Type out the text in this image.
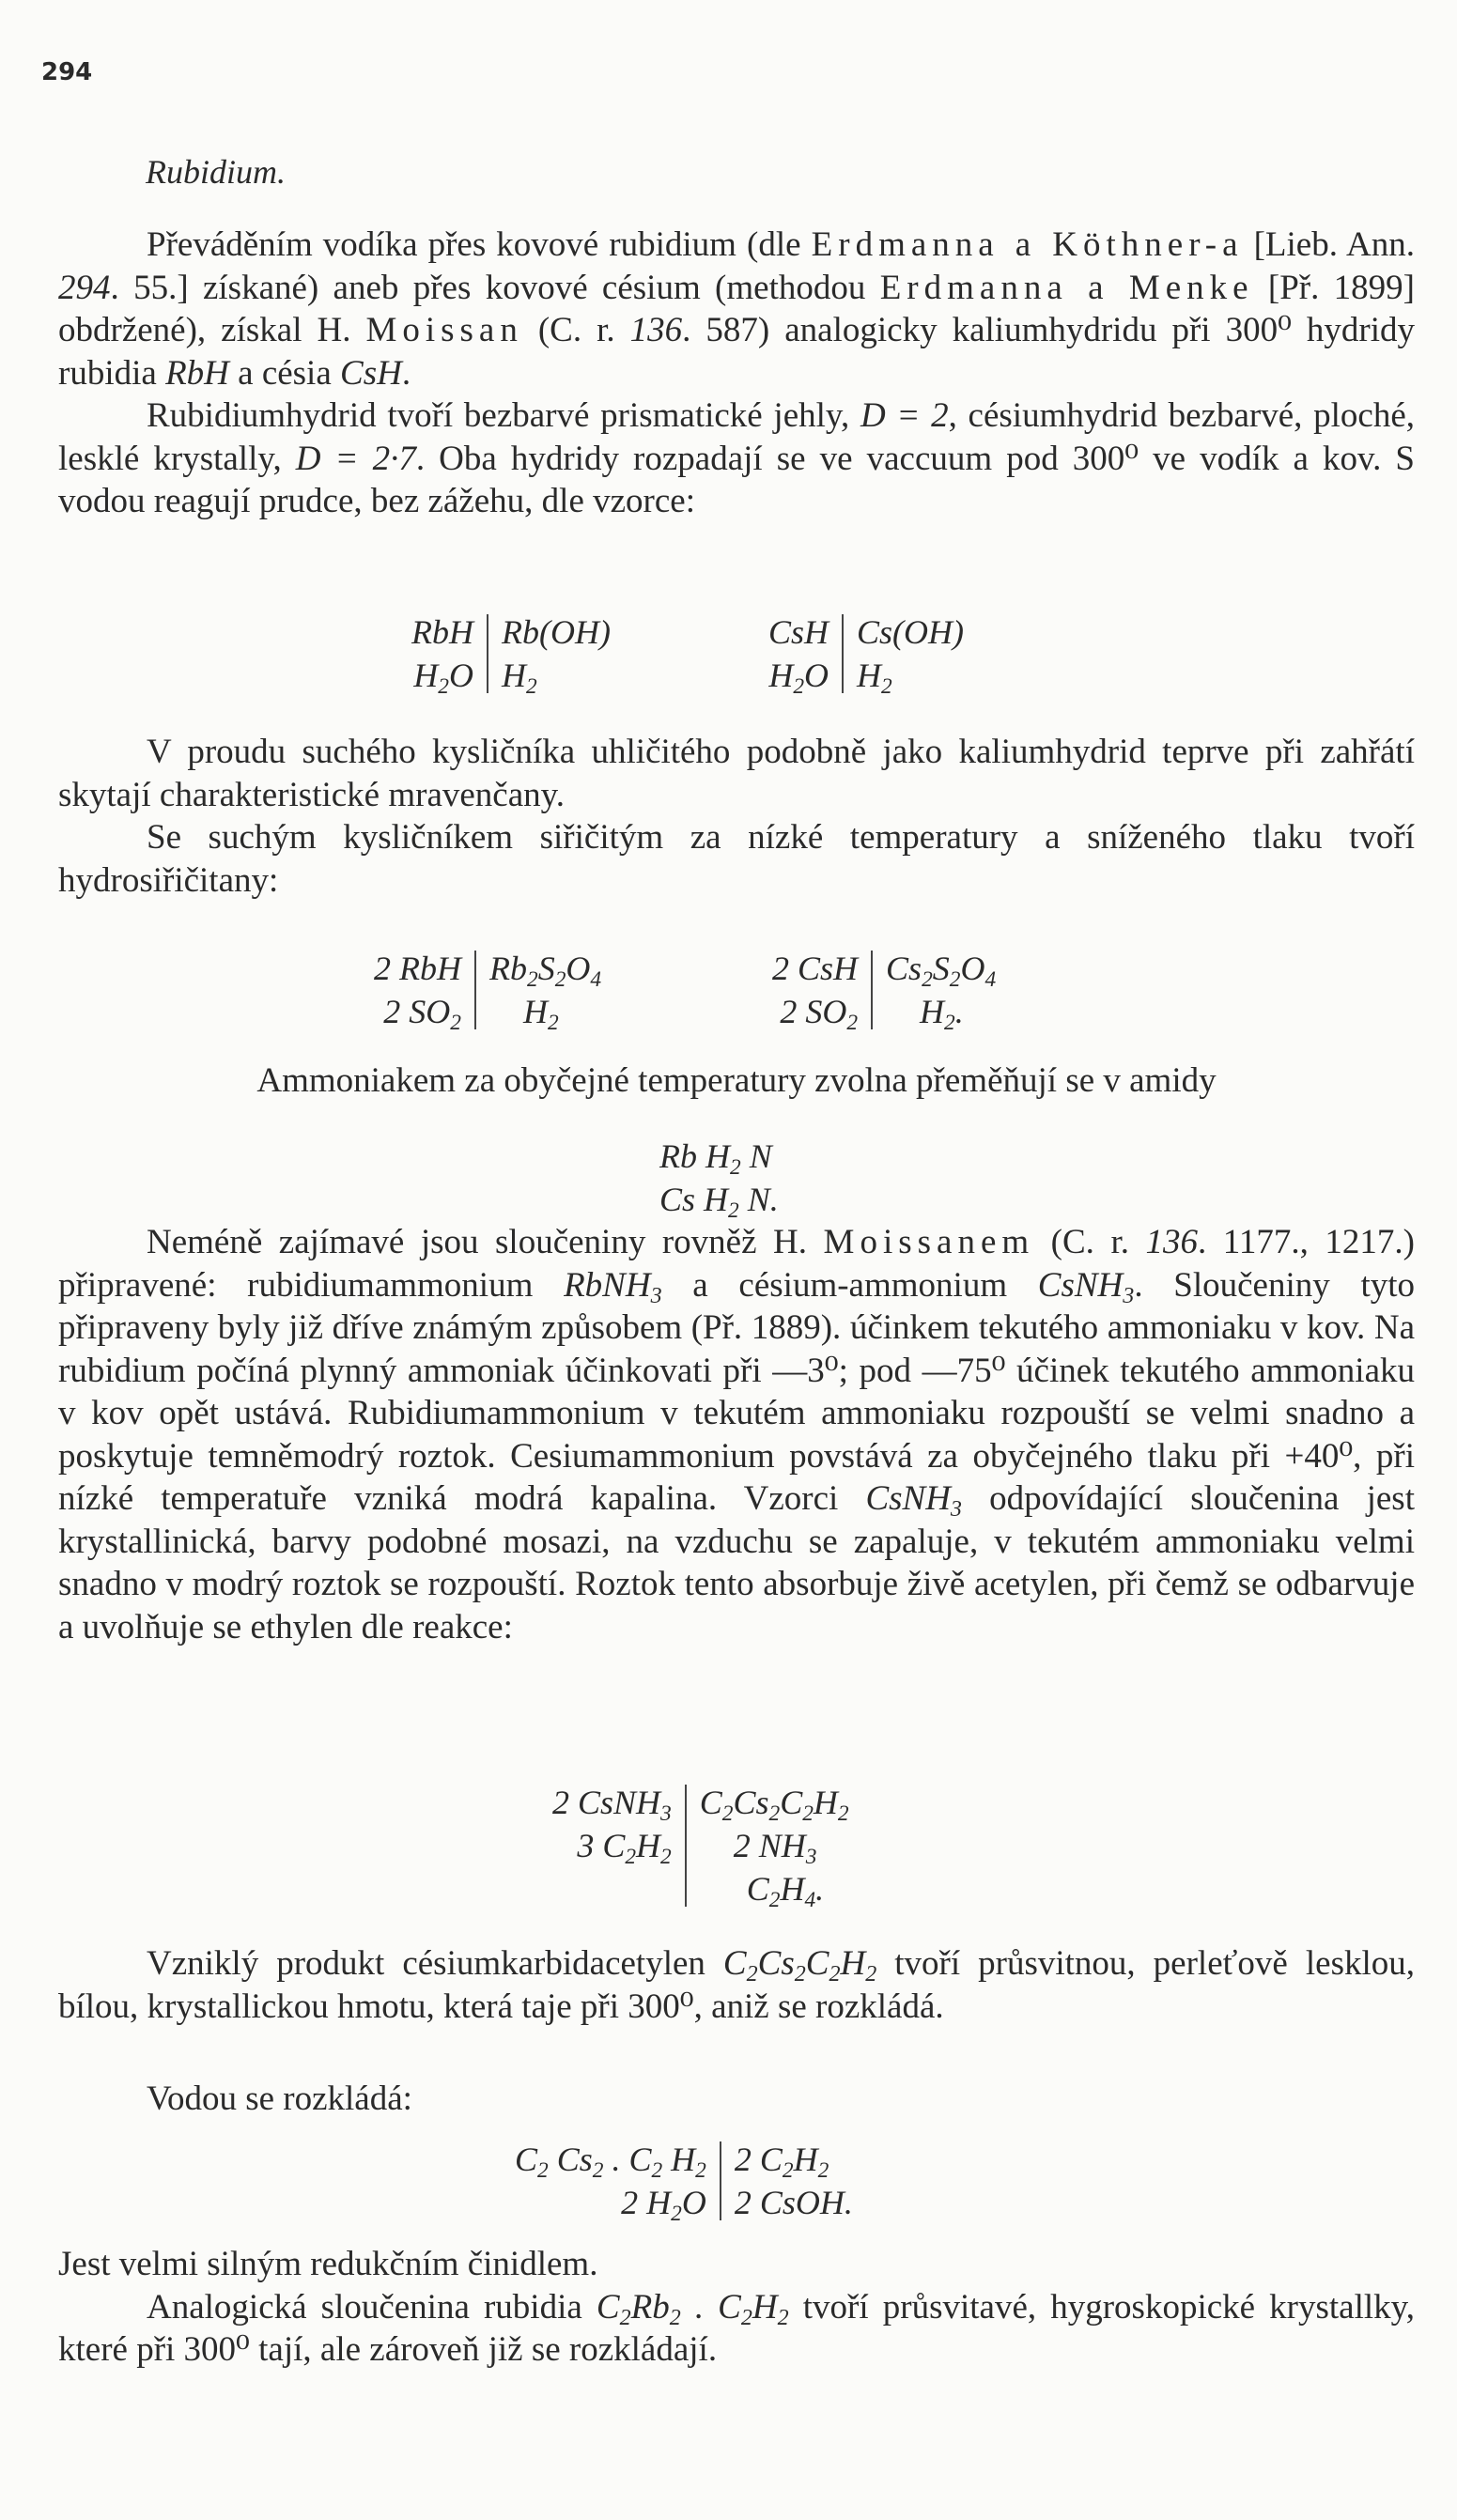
294
Rubidium.

Převáděním vodíka přes kovové rubidium (dle Erdmanna a Köthner-a [Lieb. Ann. 294. 55.] získané) aneb přes kovové césium (methodou Erdmanna a Menke [Př. 1899] obdržené), získal H. Moissan (C. r. 136. 587) analogicky kaliumhydridu při 300⁰ hydridy rubidia RbH a césia CsH.

Rubidiumhydrid tvoří bezbarvé prismatické jehly, D = 2, césiumhydrid bezbarvé, ploché, lesklé krystally, D = 2·7. Oba hydridy rozpadají se ve vaccuum pod 300⁰ ve vodík a kov. S vodou reagují prudce, bez zážehu, dle vzorce:

RbH
$H_2O$
Rb(OH)
$H_2$
CsH
$H_2O$
Cs(OH)
$H_2$

V proudu suchého kysličníka uhličitého podobně jako kaliumhydrid teprve při zahřátí skytají charakteristické mravenčany.

Se suchým kysličníkem siřičitým za nízké temperatury a sníženého tlaku tvoří hydrosiřičitany:

2 RbH
2 $SO_2$
$Rb_2S_2O_4$
$H_2$
2 CsH
2 $SO_2$
$Cs_2S_2O_4$
$H_2$.
Ammoniakem za obyčejné temperatury zvolna přeměňují se v amidy
Rb $H_2$ N
Cs $H_2$ N.

Neméně zajímavé jsou sloučeniny rovněž H. Moissanem (C. r. 136. 1177., 1217.) připravené: rubidiumammonium RbNH$_3$ a césium-ammonium CsNH$_3$. Sloučeniny tyto připraveny byly již dříve známým způsobem (Př. 1889). účinkem tekutého ammoniaku v kov. Na rubidium počíná plynný ammoniak účinkovati při —3⁰; pod —75⁰ účinek tekutého ammoniaku v kov opět ustává. Rubidiumammonium v tekutém ammoniaku rozpouští se velmi snadno a poskytuje temněmodrý roztok. Cesiumammonium povstává za obyčejného tlaku při +40⁰, při nízké temperatuře vzniká modrá kapalina. Vzorci CsNH$_3$ odpovídající sloučenina jest krystallinická, barvy podobné mosazi, na vzduchu se zapaluje, v tekutém ammoniaku velmi snadno v modrý roztok se rozpouští. Roztok tento absorbuje živě acetylen, při čemž se odbarvuje a uvolňuje se ethylen dle reakce:

2 CsNH$_3$
3 $C_2H_2$

$C_2Cs_2C_2H_2$
2 $NH_3$
$C_2H_4$.

Vzniklý produkt césiumkarbidacetylen $C_2Cs_2C_2H_2$ tvoří průsvitnou, perleťově lesklou, bílou, krystallickou hmotu, která taje při 300⁰, aniž se rozkládá.

Vodou se rozkládá:

$C_2$ $Cs_2$ . $C_2$ $H_2$
2 $H_2O$
2 $C_2H_2$
2 CsOH.

Jest velmi silným redukčním činidlem.

Analogická sloučenina rubidia $C_2Rb_2$ . $C_2H_2$ tvoří průsvitavé, hygroskopické krystallky, které při 300⁰ tají, ale zároveň již se rozkládají.
